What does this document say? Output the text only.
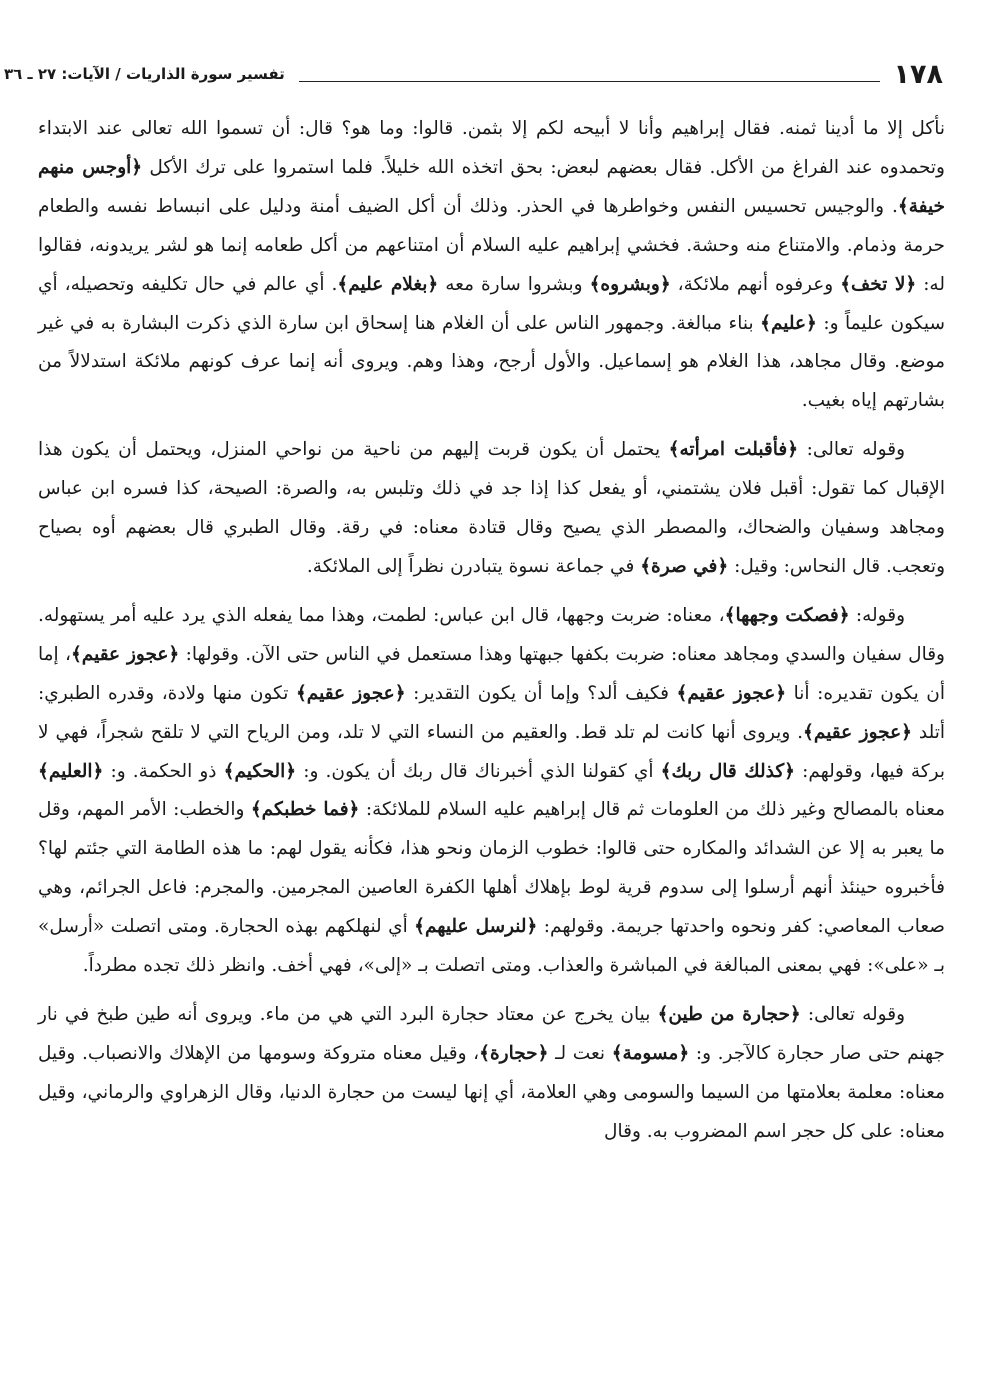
١٧٨
تفسير سورة الذاريات / الآيات: ٢٧ ـ ٣٦

نأكل إلا ما أدينا ثمنه. فقال إبراهيم وأنا لا أبيحه لكم إلا بثمن. قالوا: وما هو؟ قال: أن تسموا الله تعالى عند الابتداء وتحمدوه عند الفراغ من الأكل. فقال بعضهم لبعض: بحق اتخذه الله خليلاً. فلما استمروا على ترك الأكل ﴿أوجس منهم خيفة﴾. والوجيس تحسيس النفس وخواطرها في الحذر. وذلك أن أكل الضيف أمنة ودليل على انبساط نفسه والطعام حرمة وذمام. والامتناع منه وحشة. فخشي إبراهيم عليه السلام أن امتناعهم من أكل طعامه إنما هو لشر يريدونه، فقالوا له: ﴿لا تخف﴾ وعرفوه أنهم ملائكة، ﴿وبشروه﴾ وبشروا سارة معه ﴿بغلام عليم﴾. أي عالم في حال تكليفه وتحصيله، أي سيكون عليماً و: ﴿عليم﴾ بناء مبالغة. وجمهور الناس على أن الغلام هنا إسحاق ابن سارة الذي ذكرت البشارة به في غير موضع. وقال مجاهد، هذا الغلام هو إسماعيل. والأول أرجح، وهذا وهم. ويروى أنه إنما عرف كونهم ملائكة استدلالاً من بشارتهم إياه بغيب.

وقوله تعالى: ﴿فأقبلت امرأته﴾ يحتمل أن يكون قربت إليهم من ناحية من نواحي المنزل، ويحتمل أن يكون هذا الإقبال كما تقول: أقبل فلان يشتمني، أو يفعل كذا إذا جد في ذلك وتلبس به، والصرة: الصيحة، كذا فسره ابن عباس ومجاهد وسفيان والضحاك، والمصطر الذي يصيح وقال قتادة معناه: في رقة. وقال الطبري قال بعضهم أوه بصياح وتعجب. قال النحاس: وقيل: ﴿في صرة﴾ في جماعة نسوة يتبادرن نظراً إلى الملائكة.

وقوله: ﴿فصكت وجهها﴾، معناه: ضربت وجهها، قال ابن عباس: لطمت، وهذا مما يفعله الذي يرد عليه أمر يستهوله. وقال سفيان والسدي ومجاهد معناه: ضربت بكفها جبهتها وهذا مستعمل في الناس حتى الآن. وقولها: ﴿عجوز عقيم﴾، إما أن يكون تقديره: أنا ﴿عجوز عقيم﴾ فكيف ألد؟ وإما أن يكون التقدير: ﴿عجوز عقيم﴾ تكون منها ولادة، وقدره الطبري: أتلد ﴿عجوز عقيم﴾. ويروى أنها كانت لم تلد قط. والعقيم من النساء التي لا تلد، ومن الرياح التي لا تلقح شجراً، فهي لا بركة فيها، وقولهم: ﴿كذلك قال ربك﴾ أي كقولنا الذي أخبرناك قال ربك أن يكون. و: ﴿الحكيم﴾ ذو الحكمة. و: ﴿العليم﴾ معناه بالمصالح وغير ذلك من العلومات ثم قال إبراهيم عليه السلام للملائكة: ﴿فما خطبكم﴾ والخطب: الأمر المهم، وقل ما يعبر به إلا عن الشدائد والمكاره حتى قالوا: خطوب الزمان ونحو هذا، فكأنه يقول لهم: ما هذه الطامة التي جئتم لها؟ فأخبروه حينئذ أنهم أرسلوا إلى سدوم قرية لوط بإهلاك أهلها الكفرة العاصين المجرمين. والمجرم: فاعل الجرائم، وهي صعاب المعاصي: كفر ونحوه واحدتها جريمة. وقولهم: ﴿لنرسل عليهم﴾ أي لنهلكهم بهذه الحجارة. ومتى اتصلت «أرسل» بـ «على»: فهي بمعنى المبالغة في المباشرة والعذاب. ومتى اتصلت بـ «إلى»، فهي أخف. وانظر ذلك تجده مطرداً.

وقوله تعالى: ﴿حجارة من طين﴾ بيان يخرج عن معتاد حجارة البرد التي هي من ماء. ويروى أنه طين طبخ في نار جهنم حتى صار حجارة كالآجر. و: ﴿مسومة﴾ نعت لـ ﴿حجارة﴾، وقيل معناه متروكة وسومها من الإهلاك والانصباب. وقيل معناه: معلمة بعلامتها من السيما والسومى وهي العلامة، أي إنها ليست من حجارة الدنيا، وقال الزهراوي والرماني، وقيل معناه: على كل حجر اسم المضروب به. وقال
